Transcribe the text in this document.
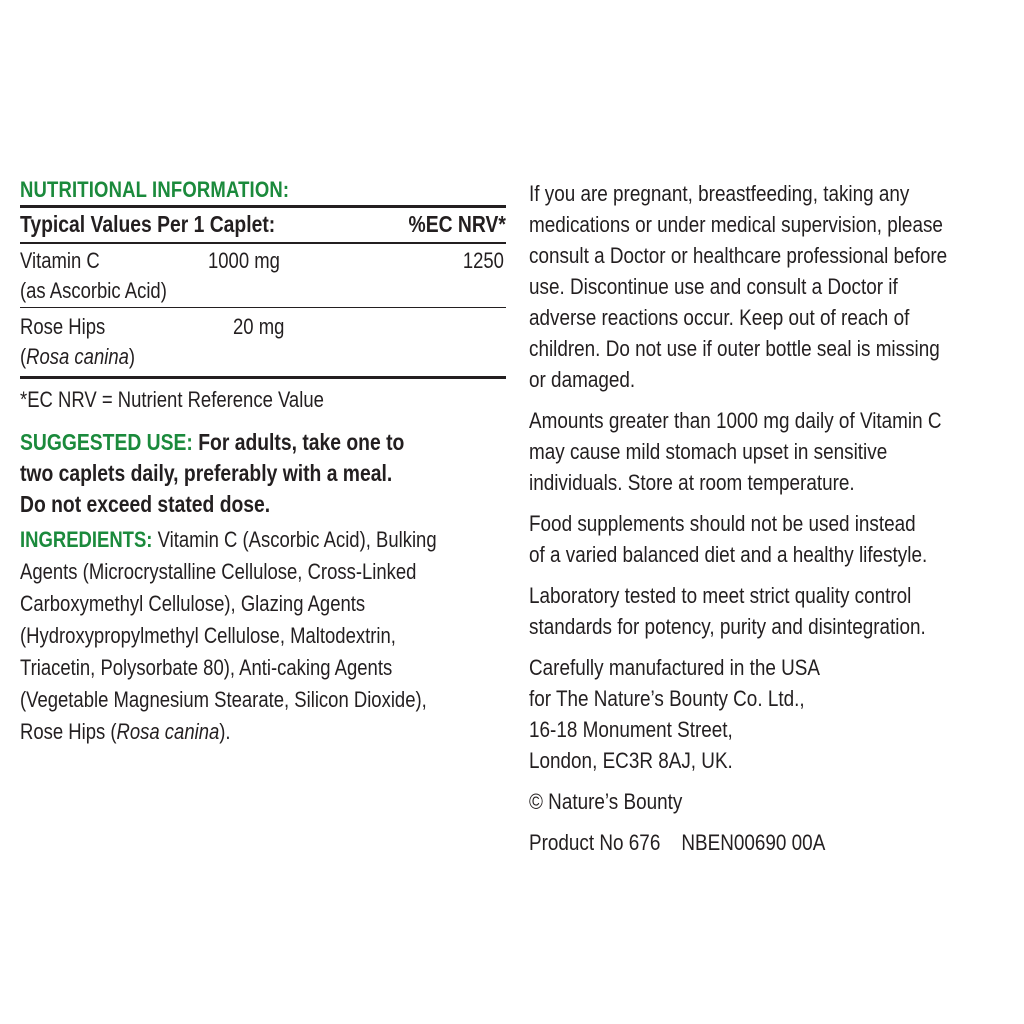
NUTRITIONAL INFORMATION:
Typical Values Per 1 Caplet:	%EC NRV*
Vitamin C
(as Ascorbic Acid)
1000 mg	1250
Rose Hips
(Rosa canina)
20 mg
*EC NRV = Nutrient Reference Value
SUGGESTED USE: For adults, take one to
two caplets daily, preferably with a meal.
Do not exceed stated dose.
INGREDIENTS: Vitamin C (Ascorbic Acid), Bulking
Agents (Microcrystalline Cellulose, Cross-Linked
Carboxymethyl Cellulose), Glazing Agents
(Hydroxypropylmethyl Cellulose, Maltodextrin,
Triacetin, Polysorbate 80), Anti-caking Agents
(Vegetable Magnesium Stearate, Silicon Dioxide),
Rose Hips (Rosa canina).
If you are pregnant, breastfeeding, taking any
medications or under medical supervision, please
consult a Doctor or healthcare professional before
use. Discontinue use and consult a Doctor if
adverse reactions occur. Keep out of reach of
children. Do not use if outer bottle seal is missing
or damaged.
Amounts greater than 1000 mg daily of Vitamin C
may cause mild stomach upset in sensitive
individuals. Store at room temperature.
Food supplements should not be used instead
of a varied balanced diet and a healthy lifestyle.
Laboratory tested to meet strict quality control
standards for potency, purity and disintegration.
Carefully manufactured in the USA
for The Nature’s Bounty Co. Ltd.,
16-18 Monument Street,
London, EC3R 8AJ, UK.
© Nature’s Bounty
Product No 676 NBEN00690 00A
